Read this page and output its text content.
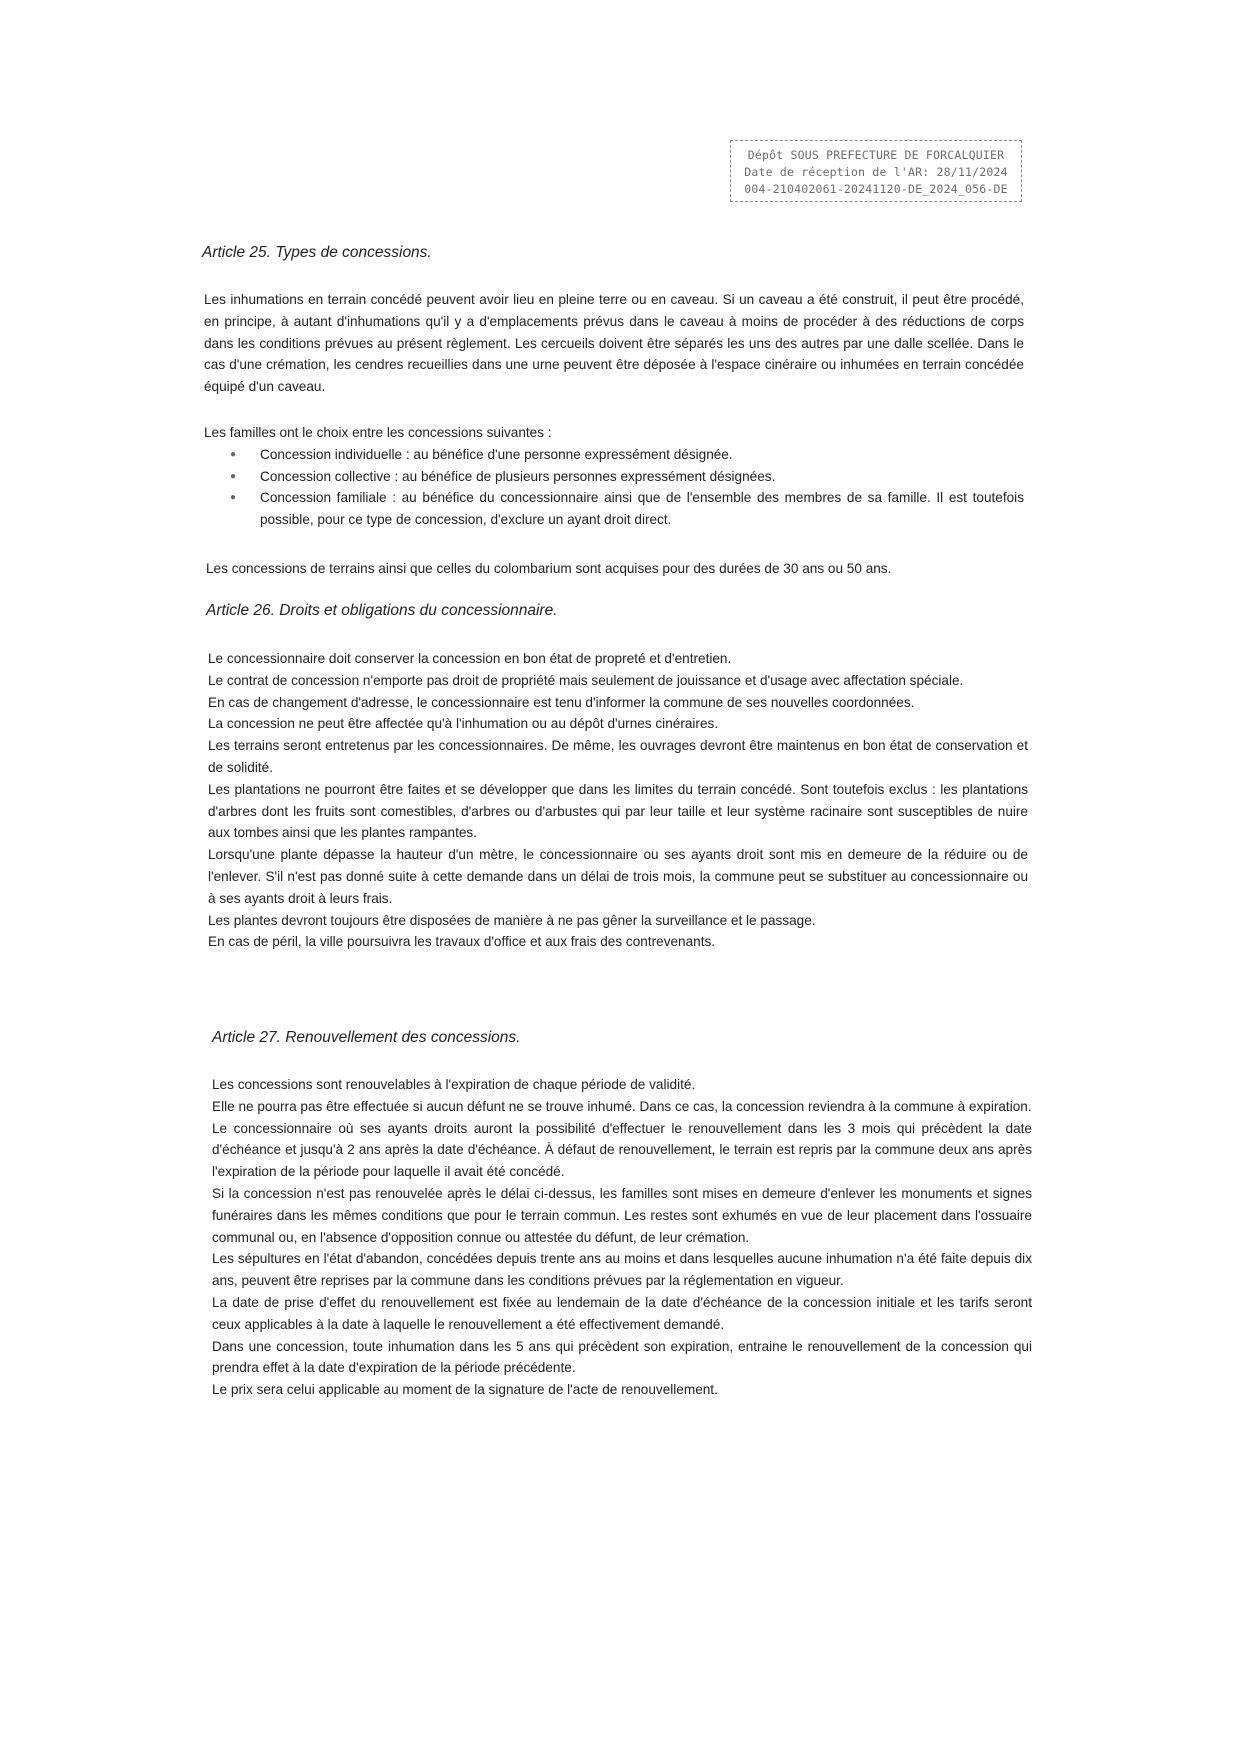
Dépôt SOUS PREFECTURE DE FORCALQUIER
Date de réception de l'AR: 28/11/2024
004-210402061-20241120-DE_2024_056-DE
Article 25. Types de concessions.

Les inhumations en terrain concédé peuvent avoir lieu en pleine terre ou en caveau. Si un caveau a été construit, il peut être procédé, en principe, à autant d'inhumations qu'il y a d'emplacements prévus dans le caveau à moins de procéder à des réductions de corps dans les conditions prévues au présent règlement. Les cercueils doivent être séparés les uns des autres par une dalle scellée. Dans le cas d'une crémation, les cendres recueillies dans une urne peuvent être déposée à l'espace cinéraire ou inhumées en terrain concédée équipé d'un caveau.

Les familles ont le choix entre les concessions suivantes :

● Concession individuelle : au bénéfice d'une personne expressément désignée.
● Concession collective : au bénéfice de plusieurs personnes expressément désignées.
● Concession familiale : au bénéfice du concessionnaire ainsi que de l'ensemble des membres de sa famille. Il est toutefois possible, pour ce type de concession, d'exclure un ayant droit direct.

Les concessions de terrains ainsi que celles du colombarium sont acquises pour des durées de 30 ans ou 50 ans.

Article 26. Droits et obligations du concessionnaire.

Le concessionnaire doit conserver la concession en bon état de propreté et d'entretien.

Le contrat de concession n'emporte pas droit de propriété mais seulement de jouissance et d'usage avec affectation spéciale.

En cas de changement d'adresse, le concessionnaire est tenu d'informer la commune de ses nouvelles coordonnées.

La concession ne peut être affectée qu'à l'inhumation ou au dépôt d'urnes cinéraires.

Les terrains seront entretenus par les concessionnaires. De même, les ouvrages devront être maintenus en bon état de conservation et de solidité.

Les plantations ne pourront être faites et se développer que dans les limites du terrain concédé. Sont toutefois exclus : les plantations d'arbres dont les fruits sont comestibles, d'arbres ou d'arbustes qui par leur taille et leur système racinaire sont susceptibles de nuire aux tombes ainsi que les plantes rampantes.

Lorsqu'une plante dépasse la hauteur d'un mètre, le concessionnaire ou ses ayants droit sont mis en demeure de la réduire ou de l'enlever. S'il n'est pas donné suite à cette demande dans un délai de trois mois, la commune peut se substituer au concessionnaire ou à ses ayants droit à leurs frais.

Les plantes devront toujours être disposées de manière à ne pas gêner la surveillance et le passage.

En cas de péril, la ville poursuivra les travaux d'office et aux frais des contrevenants.

Article 27. Renouvellement des concessions.

Les concessions sont renouvelables à l'expiration de chaque période de validité.

Elle ne pourra pas être effectuée si aucun défunt ne se trouve inhumé. Dans ce cas, la concession reviendra à la commune à expiration.

Le concessionnaire où ses ayants droits auront la possibilité d'effectuer le renouvellement dans les 3 mois qui précèdent la date d'échéance et jusqu'à 2 ans après la date d'échéance. À défaut de renouvellement, le terrain est repris par la commune deux ans après l'expiration de la période pour laquelle il avait été concédé.

Si la concession n'est pas renouvelée après le délai ci-dessus, les familles sont mises en demeure d'enlever les monuments et signes funéraires dans les mêmes conditions que pour le terrain commun. Les restes sont exhumés en vue de leur placement dans l'ossuaire communal ou, en l'absence d'opposition connue ou attestée du défunt, de leur crémation.

Les sépultures en l'état d'abandon, concédées depuis trente ans au moins et dans lesquelles aucune inhumation n'a été faite depuis dix ans, peuvent être reprises par la commune dans les conditions prévues par la réglementation en vigueur.

La date de prise d'effet du renouvellement est fixée au lendemain de la date d'échéance de la concession initiale et les tarifs seront ceux applicables à la date à laquelle le renouvellement a été effectivement demandé.

Dans une concession, toute inhumation dans les 5 ans qui précèdent son expiration, entraine le renouvellement de la concession qui prendra effet à la date d'expiration de la période précédente.

Le prix sera celui applicable au moment de la signature de l'acte de renouvellement.
